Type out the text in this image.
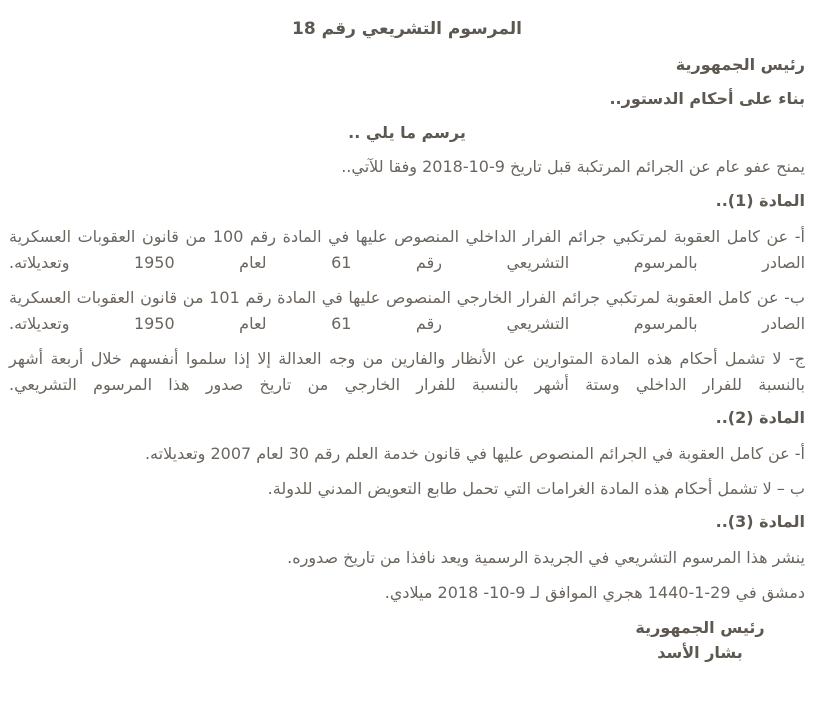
المرسوم التشريعي رقم 18

رئيس الجمهورية

بناء على أحكام الدستور..

يرسم ما يلي ..

يمنح عفو عام عن الجرائم المرتكبة قبل تاريخ 2018-10-9 وفقا للآتي..

المادة (1)..

أ- عن كامل العقوبة لمرتكبي جرائم الفرار الداخلي المنصوص عليها في المادة رقم 100 من قانون العقوبات العسكرية الصادر بالمرسوم التشريعي رقم 61 لعام 1950 وتعديلاته.

ب- عن كامل العقوبة لمرتكبي جرائم الفرار الخارجي المنصوص عليها في المادة رقم 101 من قانون العقوبات العسكرية الصادر بالمرسوم التشريعي رقم 61 لعام 1950 وتعديلاته.

ج- لا تشمل أحكام هذه المادة المتوارين عن الأنظار والفارين من وجه العدالة إلا إذا سلموا أنفسهم خلال أربعة أشهر بالنسبة للفرار الداخلي وستة أشهر بالنسبة للفرار الخارجي من تاريخ صدور هذا المرسوم التشريعي.

المادة (2)..

أ- عن كامل العقوبة في الجرائم المنصوص عليها في قانون خدمة العلم رقم 30 لعام 2007 وتعديلاته.

ب – لا تشمل أحكام هذه المادة الغرامات التي تحمل طابع التعويض المدني للدولة.

المادة (3)..

ينشر هذا المرسوم التشريعي في الجريدة الرسمية ويعد نافذا من تاريخ صدوره.

دمشق في 1440-1-29 هجري الموافق لـ 2018 -10-9 ميلادي.

رئيس الجمهورية

بشار الأسد
